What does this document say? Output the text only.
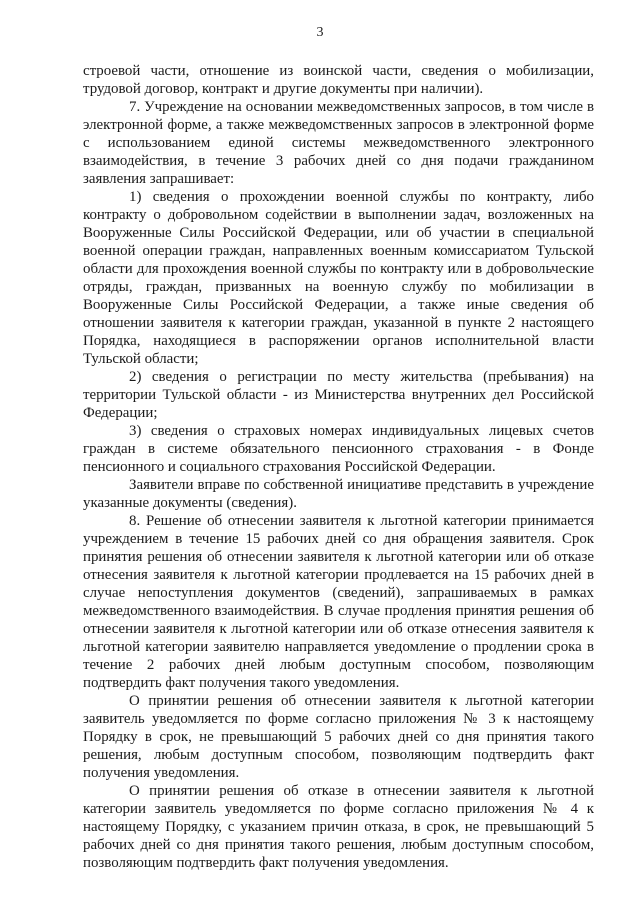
3

строевой части, отношение из воинской части, сведения о мобилизации, трудовой договор, контракт и другие документы при наличии).

7. Учреждение на основании межведомственных запросов, в том числе в электронной форме, а также межведомственных запросов в электронной форме с использованием единой системы межведомственного электронного взаимодействия, в течение 3 рабочих дней со дня подачи гражданином заявления запрашивает:

1) сведения о прохождении военной службы по контракту, либо контракту о добровольном содействии в выполнении задач, возложенных на Вооруженные Силы Российской Федерации, или об участии в специальной военной операции граждан, направленных военным комиссариатом Тульской области для прохождения военной службы по контракту или в добровольческие отряды, граждан, призванных на военную службу по мобилизации в Вооруженные Силы Российской Федерации, а также иные сведения об отношении заявителя к категории граждан, указанной в пункте 2 настоящего Порядка, находящиеся в распоряжении органов исполнительной власти Тульской области;

2) сведения о регистрации по месту жительства (пребывания) на территории Тульской области - из Министерства внутренних дел Российской Федерации;

3) сведения о страховых номерах индивидуальных лицевых счетов граждан в системе обязательного пенсионного страхования - в Фонде пенсионного и социального страхования Российской Федерации.

Заявители вправе по собственной инициативе представить в учреждение указанные документы (сведения).

8. Решение об отнесении заявителя к льготной категории принимается учреждением в течение 15 рабочих дней со дня обращения заявителя. Срок принятия решения об отнесении заявителя к льготной категории или об отказе отнесения заявителя к льготной категории продлевается на 15 рабочих дней в случае непоступления документов (сведений), запрашиваемых в рамках межведомственного взаимодействия. В случае продления принятия решения об отнесении заявителя к льготной категории или об отказе отнесения заявителя к льготной категории заявителю направляется уведомление о продлении срока в течение 2 рабочих дней любым доступным способом, позволяющим подтвердить факт получения такого уведомления.

О принятии решения об отнесении заявителя к льготной категории заявитель уведомляется по форме согласно приложения № 3 к настоящему Порядку в срок, не превышающий 5 рабочих дней со дня принятия такого решения, любым доступным способом, позволяющим подтвердить факт получения уведомления.

О принятии решения об отказе в отнесении заявителя к льготной категории заявитель уведомляется по форме согласно приложения № 4 к настоящему Порядку, с указанием причин отказа, в срок, не превышающий 5 рабочих дней со дня принятия такого решения, любым доступным способом, позволяющим подтвердить факт получения уведомления.
